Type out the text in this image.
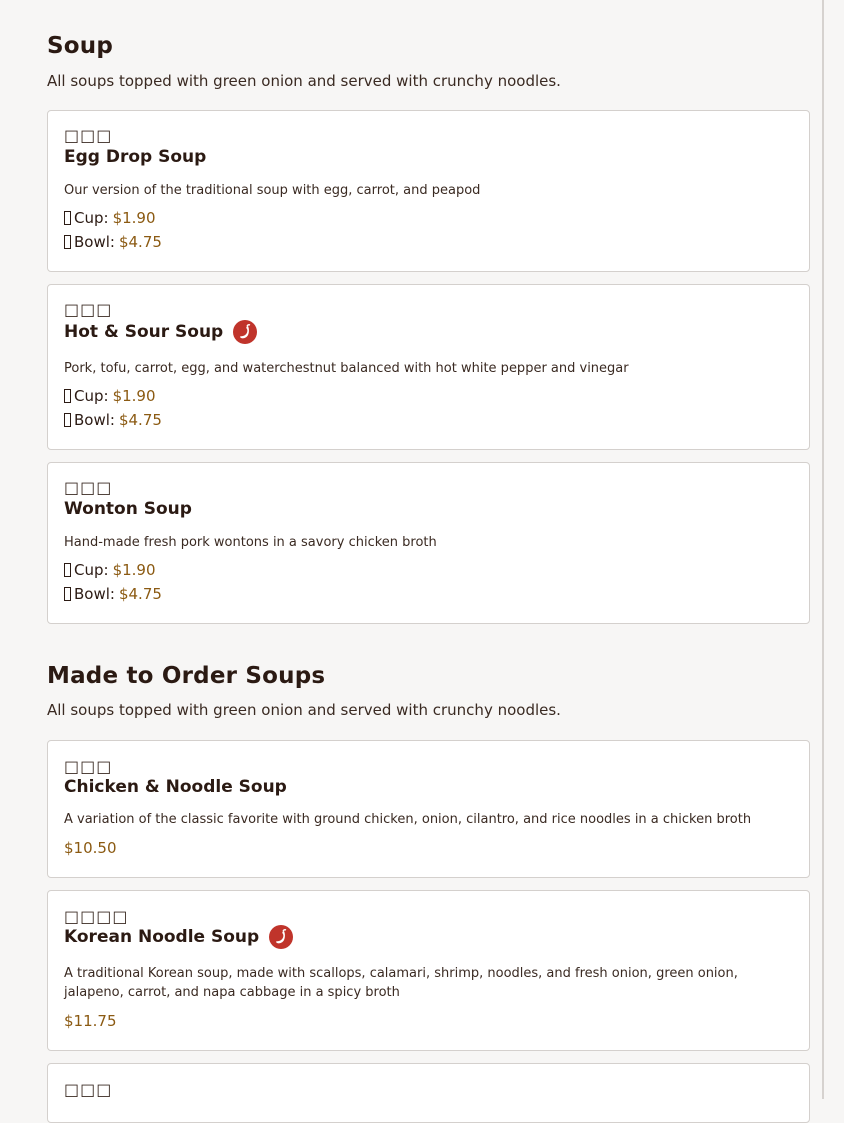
Soup

All soups topped with green onion and served with crunchy noodles.

□□□
Egg Drop Soup
Our version of the traditional soup with egg, carrot, and peapod
Cup: $1.90
Bowl: $4.75
□□□
Hot & Sour Soup
Pork, tofu, carrot, egg, and waterchestnut balanced with hot white pepper and vinegar
Cup: $1.90
Bowl: $4.75
□□□
Wonton Soup
Hand-made fresh pork wontons in a savory chicken broth
Cup: $1.90
Bowl: $4.75
Made to Order Soups

All soups topped with green onion and served with crunchy noodles.

□□□
Chicken & Noodle Soup
A variation of the classic favorite with ground chicken, onion, cilantro, and rice noodles in a chicken broth
$10.50
□□□□
Korean Noodle Soup
A traditional Korean soup, made with scallops, calamari, shrimp, noodles, and fresh onion, green onion, jalapeno, carrot, and napa cabbage in a spicy broth
$11.75
□□□
